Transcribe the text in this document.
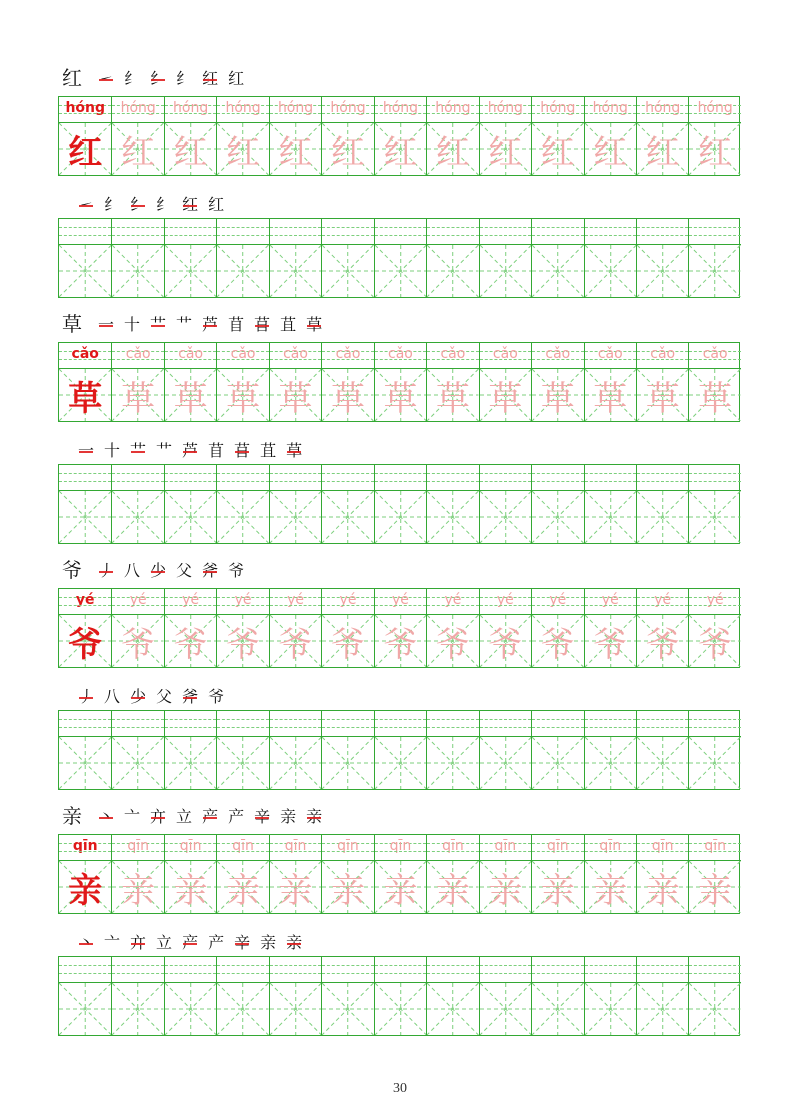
红 ㇀ 纟 纟 纟 红 红
hóng
红
hóng
红
hóng
红
hóng
红
hóng
红
hóng
红
hóng
红
hóng
红
hóng
红
hóng
红
hóng
红
hóng
红
hóng
红
㇀ 纟 纟 纟 红 红
草 一 十 艹 艹 芦 苜 苜 苴 草
cǎo
草
cǎo
草
cǎo
草
cǎo
草
cǎo
草
cǎo
草
cǎo
草
cǎo
草
cǎo
草
cǎo
草
cǎo
草
cǎo
草
cǎo
草
一 十 艹 艹 芦 苜 苜 苴 草
爷 丿 八 少 父 斧 爷
yé
爷
yé
爷
yé
爷
yé
爷
yé
爷
yé
爷
yé
爷
yé
爷
yé
爷
yé
爷
yé
爷
yé
爷
yé
爷
丿 八 少 父 斧 爷
亲 丶 亠 亣 立 产 产 辛 亲 亲
qīn
亲
qīn
亲
qīn
亲
qīn
亲
qīn
亲
qīn
亲
qīn
亲
qīn
亲
qīn
亲
qīn
亲
qīn
亲
qīn
亲
qīn
亲
丶 亠 亣 立 产 产 辛 亲 亲
30
